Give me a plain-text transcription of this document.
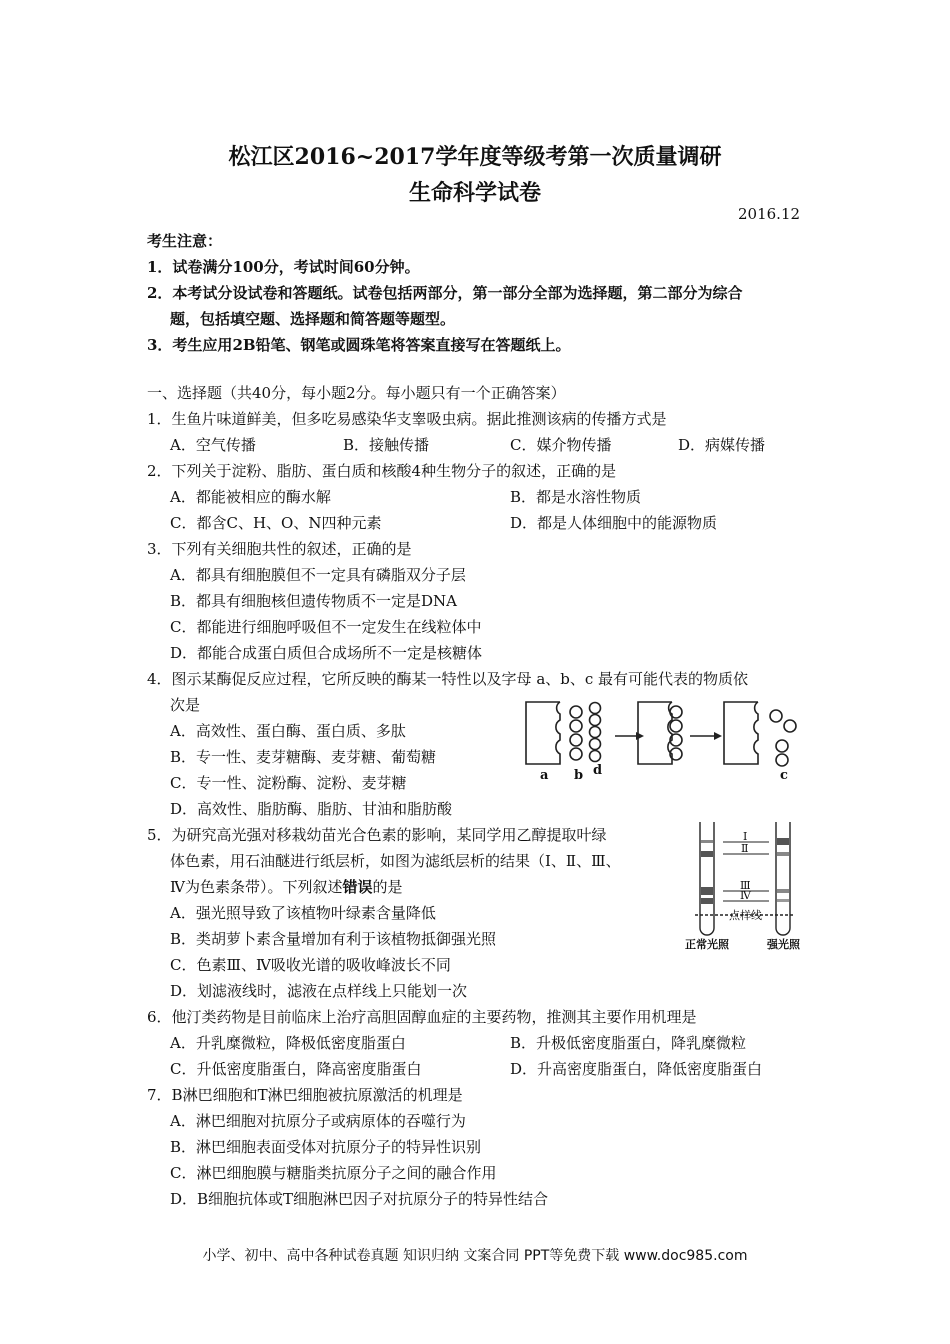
松江区2016~2017学年度等级考第一次质量调研
生命科学试卷
2016.12
考生注意：
1．试卷满分100分，考试时间60分钟。
2．本考试分设试卷和答题纸。试卷包括两部分，第一部分全部为选择题，第二部分为综合
题，包括填空题、选择题和简答题等题型。
3．考生应用2B铅笔、钢笔或圆珠笔将答案直接写在答题纸上。
一、选择题（共40分，每小题2分。每小题只有一个正确答案）
1．生鱼片味道鲜美，但多吃易感染华支睾吸虫病。据此推测该病的传播方式是
A．空气传播	B．接触传播	C．媒介物传播	D．病媒传播
2．下列关于淀粉、脂肪、蛋白质和核酸4种生物分子的叙述，正确的是
A．都能被相应的酶水解	B．都是水溶性物质
C．都含C、H、O、N四种元素	D．都是人体细胞中的能源物质
3．下列有关细胞共性的叙述，正确的是
A．都具有细胞膜但不一定具有磷脂双分子层
B．都具有细胞核但遗传物质不一定是DNA
C．都能进行细胞呼吸但不一定发生在线粒体中
D．都能合成蛋白质但合成场所不一定是核糖体
4．图示某酶促反应过程，它所反映的酶某一特性以及字母 a、b、c 最有可能代表的物质依
次是
A．高效性、蛋白酶、蛋白质、多肽
B．专一性、麦芽糖酶、麦芽糖、葡萄糖
C．专一性、淀粉酶、淀粉、麦芽糖
D．高效性、脂肪酶、脂肪、甘油和脂肪酸
a b d	c
5．为研究高光强对移栽幼苗光合色素的影响，某同学用乙醇提取叶绿
体色素，用石油醚进行纸层析，如图为滤纸层析的结果（Ⅰ、Ⅱ、Ⅲ、
Ⅳ为色素条带）。下列叙述错误的是
A．强光照导致了该植物叶绿素含量降低
B．类胡萝卜素含量增加有利于该植物抵御强光照
C．色素Ⅲ、Ⅳ吸收光谱的吸收峰波长不同
D．划滤液线时，滤液在点样线上只能划一次
Ⅰ
Ⅱ
Ⅲ
Ⅳ
点样线
正常光照	强光照
6．他汀类药物是目前临床上治疗高胆固醇血症的主要药物，推测其主要作用机理是
A．升乳糜微粒，降极低密度脂蛋白	B．升极低密度脂蛋白，降乳糜微粒
C．升低密度脂蛋白，降高密度脂蛋白	D．升高密度脂蛋白，降低密度脂蛋白
7．B淋巴细胞和T淋巴细胞被抗原激活的机理是
A．淋巴细胞对抗原分子或病原体的吞噬行为
B．淋巴细胞表面受体对抗原分子的特异性识别
C．淋巴细胞膜与糖脂类抗原分子之间的融合作用
D．B细胞抗体或T细胞淋巴因子对抗原分子的特异性结合
小学、初中、高中各种试卷真题 知识归纳 文案合同 PPT等免费下载 www.doc985.com
